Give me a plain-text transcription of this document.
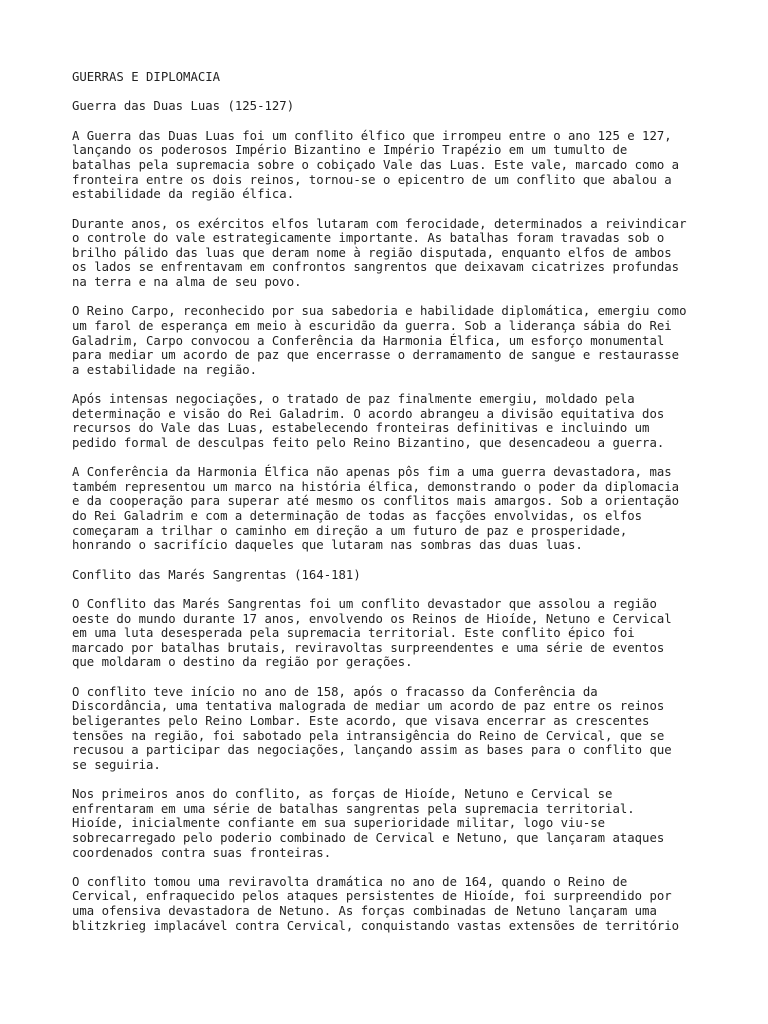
GUERRAS E DIPLOMACIA
Guerra das Duas Luas (125-127)
A Guerra das Duas Luas foi um conflito élfico que irrompeu entre o ano 125 e 127,
lançando os poderosos Império Bizantino e Império Trapézio em um tumulto de
batalhas pela supremacia sobre o cobiçado Vale das Luas. Este vale, marcado como a
fronteira entre os dois reinos, tornou-se o epicentro de um conflito que abalou a
estabilidade da região élfica.
Durante anos, os exércitos elfos lutaram com ferocidade, determinados a reivindicar
o controle do vale estrategicamente importante. As batalhas foram travadas sob o
brilho pálido das luas que deram nome à região disputada, enquanto elfos de ambos
os lados se enfrentavam em confrontos sangrentos que deixavam cicatrizes profundas
na terra e na alma de seu povo.
O Reino Carpo, reconhecido por sua sabedoria e habilidade diplomática, emergiu como
um farol de esperança em meio à escuridão da guerra. Sob a liderança sábia do Rei
Galadrim, Carpo convocou a Conferência da Harmonia Élfica, um esforço monumental
para mediar um acordo de paz que encerrasse o derramamento de sangue e restaurasse
a estabilidade na região.
Após intensas negociações, o tratado de paz finalmente emergiu, moldado pela
determinação e visão do Rei Galadrim. O acordo abrangeu a divisão equitativa dos
recursos do Vale das Luas, estabelecendo fronteiras definitivas e incluindo um
pedido formal de desculpas feito pelo Reino Bizantino, que desencadeou a guerra.
A Conferência da Harmonia Élfica não apenas pôs fim a uma guerra devastadora, mas
também representou um marco na história élfica, demonstrando o poder da diplomacia
e da cooperação para superar até mesmo os conflitos mais amargos. Sob a orientação
do Rei Galadrim e com a determinação de todas as facções envolvidas, os elfos
começaram a trilhar o caminho em direção a um futuro de paz e prosperidade,
honrando o sacrifício daqueles que lutaram nas sombras das duas luas.
Conflito das Marés Sangrentas (164-181)
O Conflito das Marés Sangrentas foi um conflito devastador que assolou a região
oeste do mundo durante 17 anos, envolvendo os Reinos de Hioíde, Netuno e Cervical
em uma luta desesperada pela supremacia territorial. Este conflito épico foi
marcado por batalhas brutais, reviravoltas surpreendentes e uma série de eventos
que moldaram o destino da região por gerações.
O conflito teve início no ano de 158, após o fracasso da Conferência da
Discordância, uma tentativa malograda de mediar um acordo de paz entre os reinos
beligerantes pelo Reino Lombar. Este acordo, que visava encerrar as crescentes
tensões na região, foi sabotado pela intransigência do Reino de Cervical, que se
recusou a participar das negociações, lançando assim as bases para o conflito que
se seguiria.
Nos primeiros anos do conflito, as forças de Hioíde, Netuno e Cervical se
enfrentaram em uma série de batalhas sangrentas pela supremacia territorial.
Hioíde, inicialmente confiante em sua superioridade militar, logo viu-se
sobrecarregado pelo poderio combinado de Cervical e Netuno, que lançaram ataques
coordenados contra suas fronteiras.
O conflito tomou uma reviravolta dramática no ano de 164, quando o Reino de
Cervical, enfraquecido pelos ataques persistentes de Hioíde, foi surpreendido por
uma ofensiva devastadora de Netuno. As forças combinadas de Netuno lançaram uma
blitzkrieg implacável contra Cervical, conquistando vastas extensões de território
